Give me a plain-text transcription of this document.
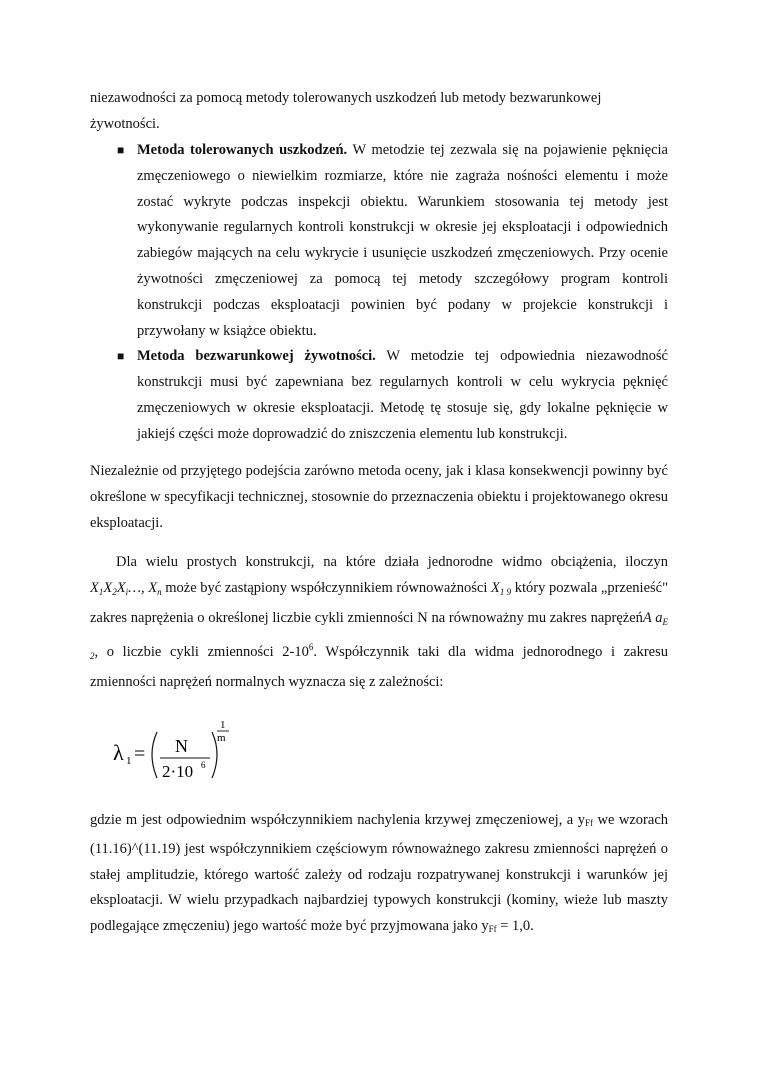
niezawodności za pomocą metody tolerowanych uszkodzeń lub metody bezwarunkowej
żywotności.
■ Metoda tolerowanych uszkodzeń. W metodzie tej zezwala się na pojawienie pęknięcia zmęczeniowego o niewielkim rozmiarze, które nie zagraża nośności elementu i może zostać wykryte podczas inspekcji obiektu. Warunkiem stosowania tej metody jest wykonywanie regularnych kontroli konstrukcji w okresie jej eksploatacji i odpowiednich zabiegów mających na celu wykrycie i usunięcie uszkodzeń zmęczeniowych. Przy ocenie żywotności zmęczeniowej za pomocą tej metody szczegółowy program kontroli konstrukcji podczas eksploatacji powinien być podany w projekcie konstrukcji i przywołany w książce obiektu.
■ Metoda bezwarunkowej żywotności. W metodzie tej odpowiednia niezawodność konstrukcji musi być zapewniana bez regularnych kontroli w celu wykrycia pęknięć zmęczeniowych w okresie eksploatacji. Metodę tę stosuje się, gdy lokalne pęknięcie w jakiejś części może doprowadzić do zniszczenia elementu lub konstrukcji.
Niezależnie od przyjętego podejścia zarówno metoda oceny, jak i klasa konsekwencji powinny być określone w specyfikacji technicznej, stosownie do przeznaczenia obiektu i projektowanego okresu eksploatacji.
Dla wielu prostych konstrukcji, na które działa jednorodne widmo obciążenia, iloczyn $X_1X_2X_i\dots$, $X_n$ może być zastąpiony współczynnikiem równoważności $X_{1 9}$ który pozwala „przenieść" zakres naprężenia o określonej liczbie cykli zmienności N na równoważny mu zakres naprężeńA $a_{E 2}$, o liczbie cykli zmienności $2-10^6$. Współczynnik taki dla widma jednorodnego i zakresu zmienności naprężeń normalnych wyznacza się z zależności:
λ 1 = N
2·10 6
1
m
gdzie m jest odpowiednim współczynnikiem nachylenia krzywej zmęczeniowej, a yFf we wzorach (11.16)^(11.19) jest współczynnikiem częściowym równoważnego zakresu zmienności naprężeń o stałej amplitudzie, którego wartość zależy od rodzaju rozpatrywanej konstrukcji i warunków jej eksploatacji. W wielu przypadkach najbardziej typowych konstrukcji (kominy, wieże lub maszty podlegające zmęczeniu) jego wartość może być przyjmowana jako yFf = 1,0.
